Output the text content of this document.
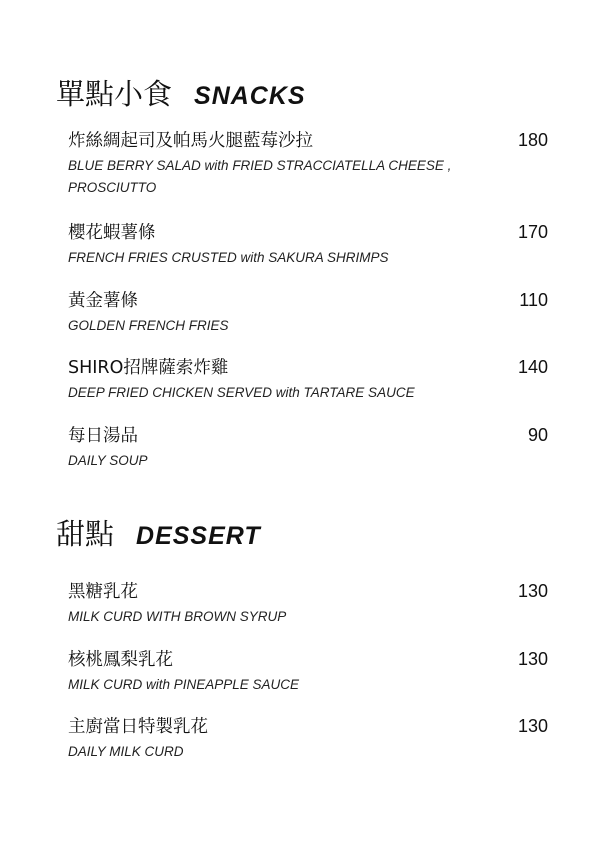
單點小食 SNACKS
炸絲綢起司及帕馬火腿藍莓沙拉	180
BLUE BERRY SALAD with FRIED STRACCIATELLA CHEESE , PROSCIUTTO
櫻花蝦薯條	170
FRENCH FRIES CRUSTED with SAKURA SHRIMPS
黃金薯條	110
GOLDEN FRENCH FRIES
SHIRO招牌薩索炸雞	140
DEEP FRIED CHICKEN SERVED with TARTARE SAUCE
每日湯品	90
DAILY SOUP
甜點 DESSERT
黑糖乳花	130
MILK CURD WITH BROWN SYRUP
核桃鳳梨乳花	130
MILK CURD with PINEAPPLE SAUCE
主廚當日特製乳花	130
DAILY MILK CURD
